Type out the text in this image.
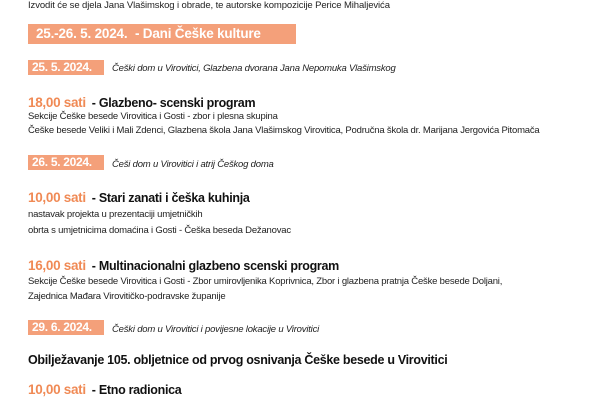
Izvodit će se djela Jana Vlašimskog i obrade, te autorske kompozicije Perice Mihaljevića
25.-26. 5. 2024. - Dani Češke kulture
25. 5. 2024.	Češki dom u Virovitici, Glazbena dvorana Jana Nepomuka Vlašimskog
18,00 sati - Glazbeno- scenski program
Sekcije Češke besede Virovitica i Gosti - zbor i plesna skupina
Češke besede Veliki i Mali Zdenci, Glazbena škola Jana Vlašimskog Virovitica, Područna škola dr. Marijana Jergovića Pitomača
26. 5. 2024.	Češi dom u Virovitici i atrij Češkog doma
10,00 sati - Stari zanati i češka kuhinja
nastavak projekta u prezentaciji umjetničkih
obrta s umjetnicima domaćina i Gosti - Češka beseda Dežanovac
16,00 sati - Multinacionalni glazbeno scenski program
Sekcije Češke besede Virovitica i Gosti - Zbor umirovljenika Koprivnica, Zbor i glazbena pratnja Češke besede Doljani,
Zajednica Mađara Virovitičko-podravske županije
29. 6. 2024.	Češki dom u Virovitici i povijesne lokacije u Virovitici
Obilježavanje 105. obljetnice od prvog osnivanja Češke besede u Virovitici
10,00 sati - Etno radionica
